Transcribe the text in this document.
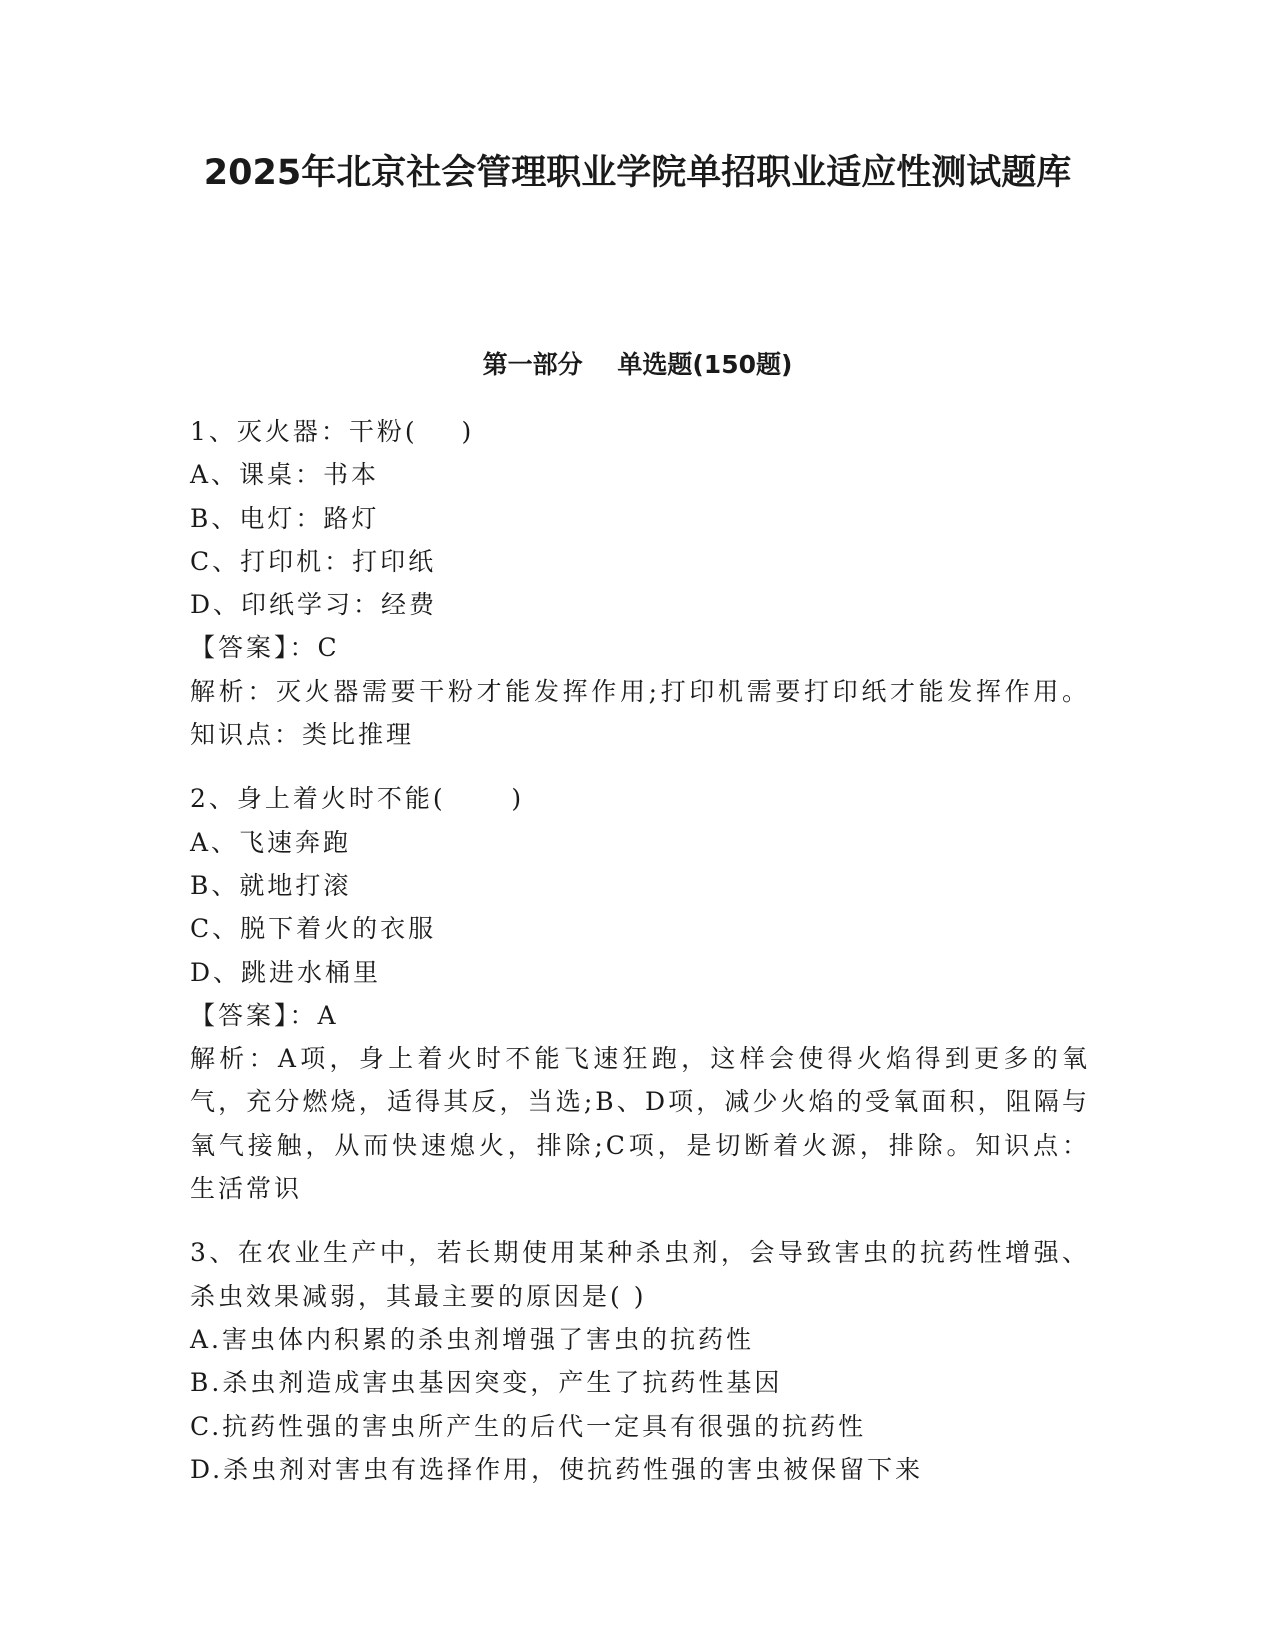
2025年北京社会管理职业学院单招职业适应性测试题库
第一部分    单选题(150题)
1、灭火器：干粉(    )
A、课桌：书本
B、电灯：路灯
C、打印机：打印纸
D、印纸学习：经费
【答案】：C
解析：灭火器需要干粉才能发挥作用;打印机需要打印纸才能发挥作用。知识点：类比推理
2、身上着火时不能(      )
A、飞速奔跑
B、就地打滚
C、脱下着火的衣服
D、跳进水桶里
【答案】：A
解析：A项，身上着火时不能飞速狂跑，这样会使得火焰得到更多的氧气，充分燃烧，适得其反，当选;B、D项，减少火焰的受氧面积，阻隔与氧气接触，从而快速熄火，排除;C项，是切断着火源，排除。知识点：生活常识
3、在农业生产中，若长期使用某种杀虫剂，会导致害虫的抗药性增强、杀虫效果减弱，其最主要的原因是( )
A.害虫体内积累的杀虫剂增强了害虫的抗药性
B.杀虫剂造成害虫基因突变，产生了抗药性基因
C.抗药性强的害虫所产生的后代一定具有很强的抗药性
D.杀虫剂对害虫有选择作用，使抗药性强的害虫被保留下来
